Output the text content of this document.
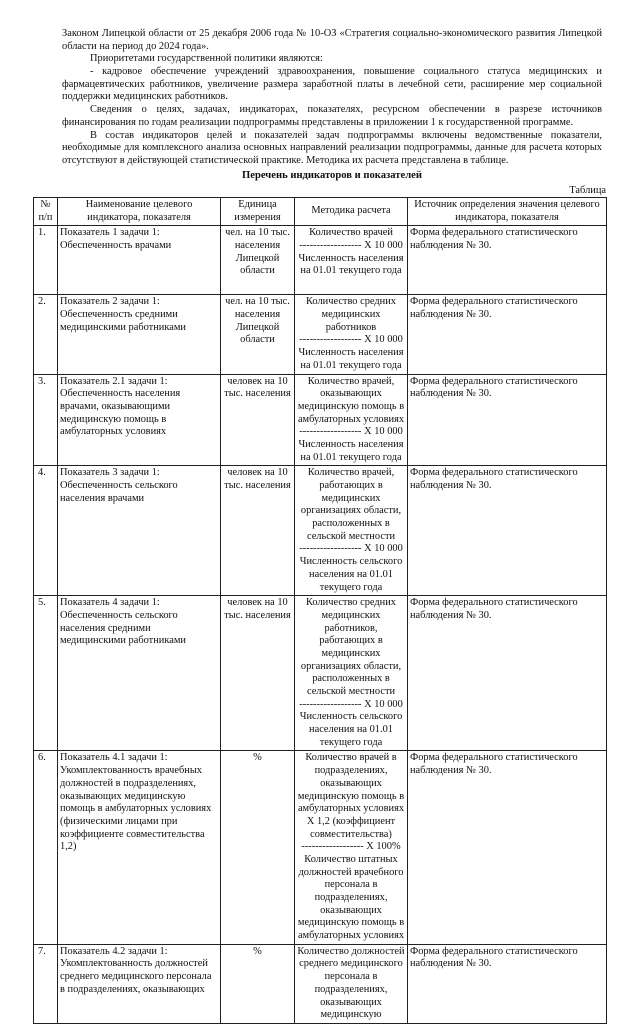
Законом Липецкой области от 25 декабря 2006 года № 10-ОЗ «Стратегия социально-экономического развития Липецкой области на период до 2024 года».

Приоритетами государственной политики являются:

- кадровое обеспечение учреждений здравоохранения, повышение социального статуса медицинских и фармацевтических работников, увеличение размера заработной платы в лечебной сети, расширение мер социальной поддержки медицинских работников.

Сведения о целях, задачах, индикаторах, показателях, ресурсном обеспечении в разрезе источников финансирования по годам реализации подпрограммы представлены в приложении 1 к государственной программе.

В состав индикаторов целей и показателей задач подпрограммы включены ведомственные показатели, необходимые для комплексного анализа основных направлений реализации подпрограммы, данные для расчета которых отсутствуют в действующей статистической практике. Методика их расчета представлена в таблице.

Перечень индикаторов и показателей
Таблица
№ п/п	Наименование целевого индикатора, показателя	Единица измерения	Методика расчета	Источник определения значения целевого индикатора, показателя
1.	Показатель 1 задачи 1: Обеспеченность врачами	чел. на 10 тыс. населения Липецкой области	Количество врачей
------------------ X 10 000
Численность населения на 01.01 текущего года	Форма федерального статистического наблюдения № 30.
2.	Показатель 2 задачи 1: Обеспеченность средними медицинскими работниками	чел. на 10 тыс. населения Липецкой области	Количество средних медицинских работников
------------------ X 10 000
Численность населения на 01.01 текущего года	Форма федерального статистического наблюдения № 30.
3.	Показатель 2.1 задачи 1: Обеспеченность населения врачами, оказывающими медицинскую помощь в амбулаторных условиях	человек на 10 тыс. населения	Количество врачей, оказывающих медицинскую помощь в амбулаторных условиях
------------------ X 10 000
Численность населения на 01.01 текущего года	Форма федерального статистического наблюдения № 30.
4.	Показатель 3 задачи 1: Обеспеченность сельского населения врачами	человек на 10 тыс. населения	Количество врачей, работающих в медицинских организациях области, расположенных в сельской местности
------------------ X 10 000
Численность сельского населения на 01.01 текущего года	Форма федерального статистического наблюдения № 30.
5.	Показатель 4 задачи 1: Обеспеченность сельского населения средними медицинскими работниками	человек на 10 тыс. населения	Количество средних медицинских работников, работающих в медицинских организациях области, расположенных в сельской местности
------------------ X 10 000
Численность сельского населения на 01.01 текущего года	Форма федерального статистического наблюдения № 30.
6.	Показатель 4.1 задачи 1: Укомплектованность врачебных должностей в подразделениях, оказывающих медицинскую помощь в амбулаторных условиях (физическими лицами при коэффициенте совместительства 1,2)	%	Количество врачей в подразделениях, оказывающих медицинскую помощь в амбулаторных условиях X 1,2 (коэффициент совместительства)
------------------ X 100%
Количество штатных должностей врачебного персонала в подразделениях, оказывающих медицинскую помощь в амбулаторных условиях	Форма федерального статистического наблюдения № 30.
7.	Показатель 4.2 задачи 1: Укомплектованность должностей среднего медицинского персонала в подразделениях, оказывающих	%	Количество должностей среднего медицинского персонала в подразделениях, оказывающих медицинскую	Форма федерального статистического наблюдения № 30.
